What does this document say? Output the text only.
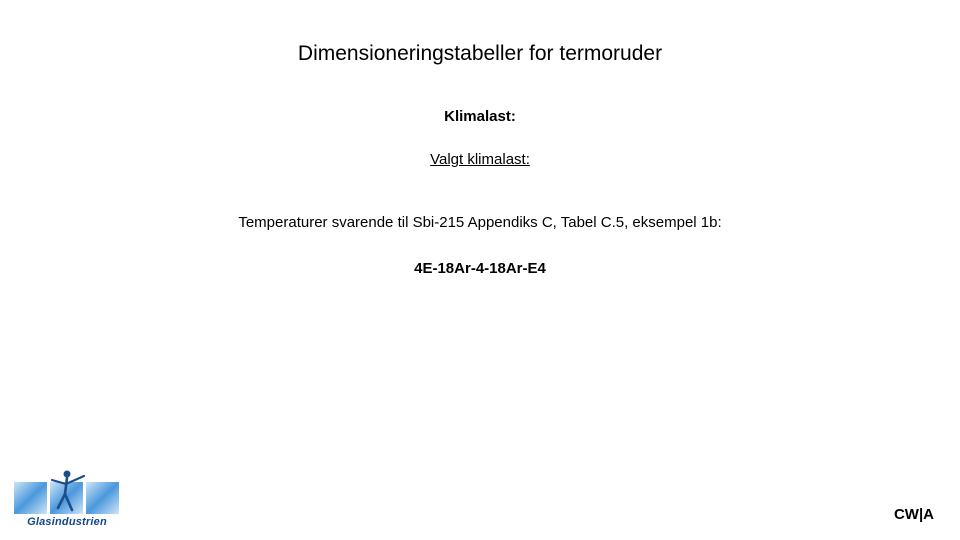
Dimensioneringstabeller for termoruder
Klimalast:
Valgt klimalast:
Temperaturer svarende til Sbi-215 Appendiks C, Tabel C.5, eksempel 1b:
4E-18Ar-4-18Ar-E4
Glasindustrien	CW|A
